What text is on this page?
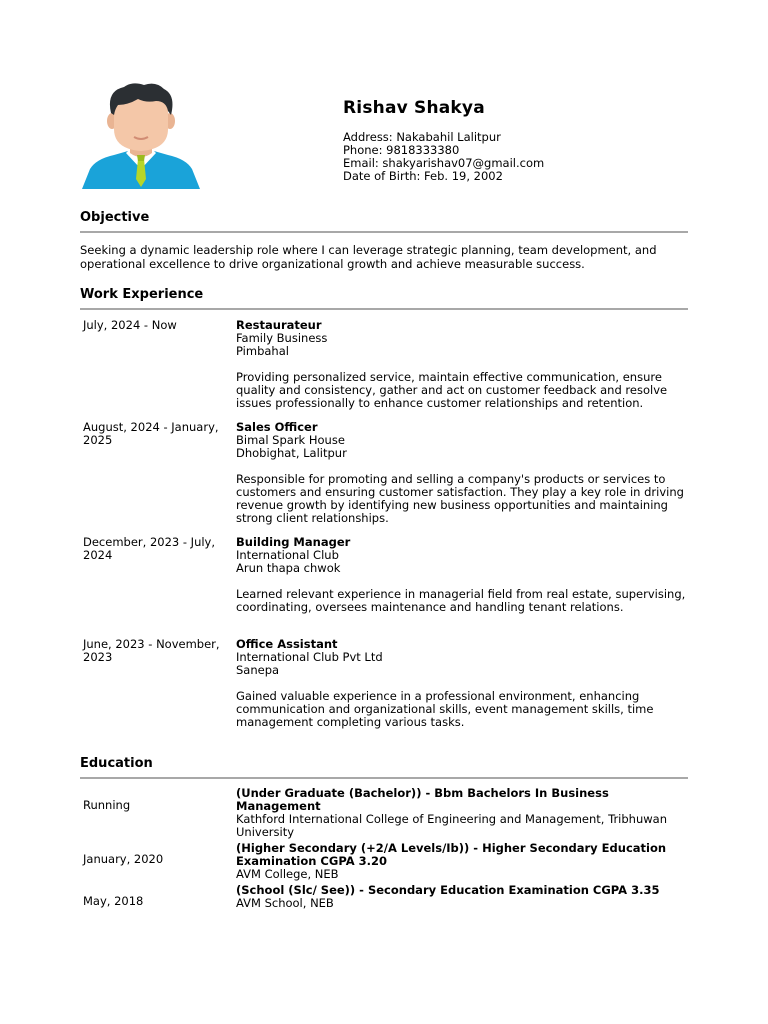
Rishav Shakya
Address: Nakabahil Lalitpur
Phone: 9818333380
Email: shakyarishav07@gmail.com
Date of Birth: Feb. 19, 2002
Objective
Seeking a dynamic leadership role where I can leverage strategic planning, team development, and operational excellence to drive organizational growth and achieve measurable success.
Work Experience
July, 2024 - Now	Restaurateur
Family Business
Pimbahal
Providing personalized service, maintain effective communication, ensure quality and consistency, gather and act on customer feedback and resolve issues professionally to enhance customer relationships and retention.
August, 2024 - January, 2025
Sales Officer
Bimal Spark House
Dhobighat, Lalitpur
Responsible for promoting and selling a company's products or services to customers and ensuring customer satisfaction. They play a key role in driving revenue growth by identifying new business opportunities and maintaining strong client relationships.
December, 2023 - July, 2024
Building Manager
International Club
Arun thapa chwok
Learned relevant experience in managerial field from real estate, supervising, coordinating, oversees maintenance and handling tenant relations.
June, 2023 - November, 2023
Office Assistant
International Club Pvt Ltd
Sanepa
Gained valuable experience in a professional environment, enhancing communication and organizational skills, event management skills, time management completing various tasks.
Education
Running
(Under Graduate (Bachelor)) - Bbm Bachelors In Business Management
Kathford International College of Engineering and Management, Tribhuwan University
January, 2020
(Higher Secondary (+2/A Levels/Ib)) - Higher Secondary Education Examination CGPA 3.20
AVM College, NEB
May, 2018
(School (Slc/ See)) - Secondary Education Examination CGPA 3.35
AVM School, NEB
